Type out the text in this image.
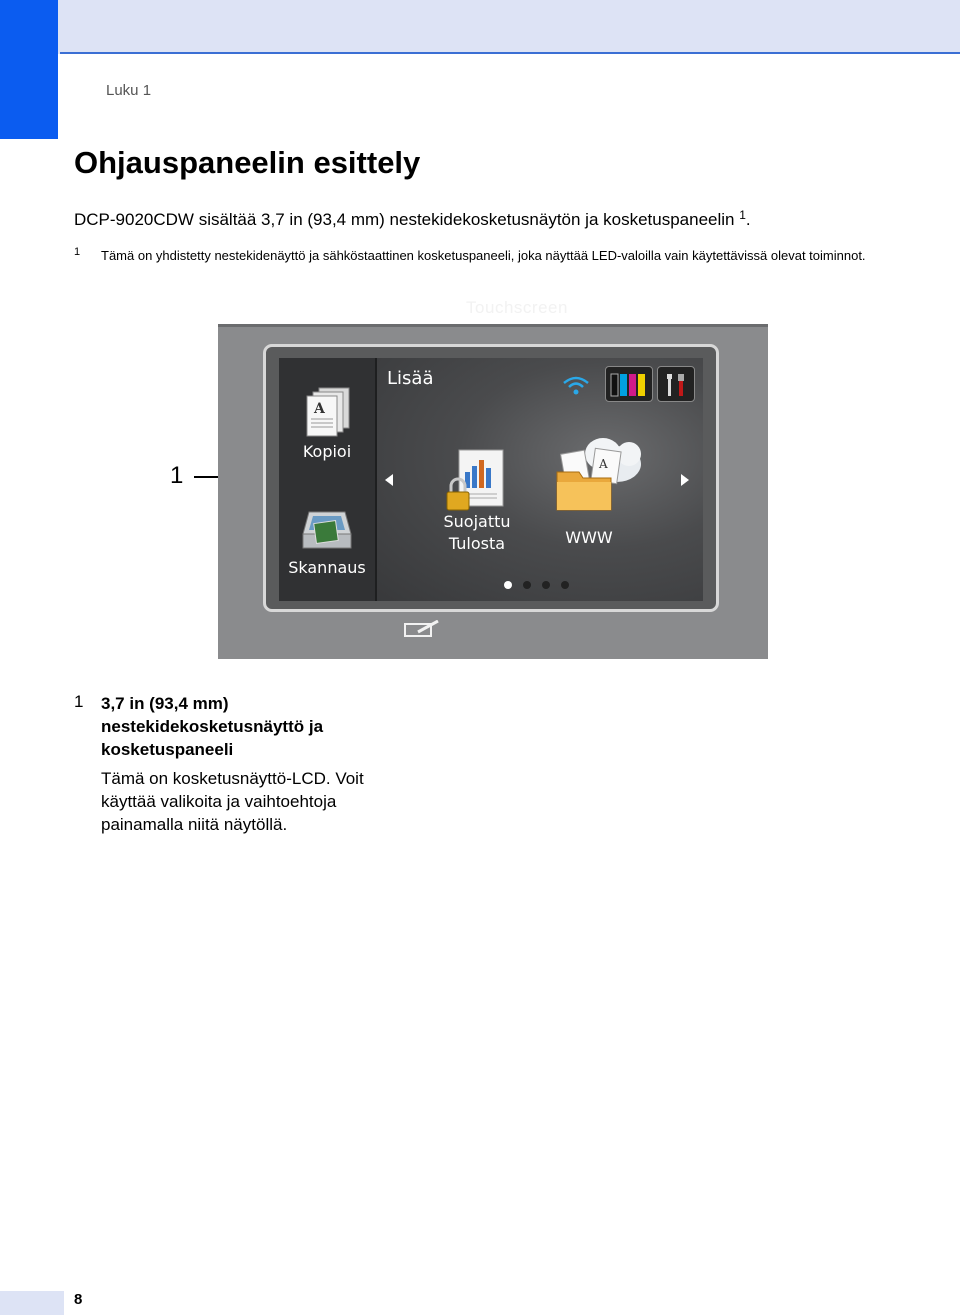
Luku 1
Ohjauspaneelin esittely
DCP-9020CDW sisältää 3,7 in (93,4 mm) nestekidekosketusnäytön ja kosketuspaneelin $^1$.
1 Tämä on yhdistetty nestekidenäyttö ja sähköstaattinen kosketuspaneeli, joka näyttää LED-valoilla vain käytettävissä olevat toiminnot.
1
A
Kopioi
Skannaus
Lisää
Suojattu
Tulosta
A
WWW
Touchscreen
1 3,7 in (93,4 mm) nestekidekosketusnäyttö ja kosketuspaneeli
Tämä on kosketusnäyttö-LCD. Voit käyttää valikoita ja vaihtoehtoja painamalla niitä näytöllä.
8
